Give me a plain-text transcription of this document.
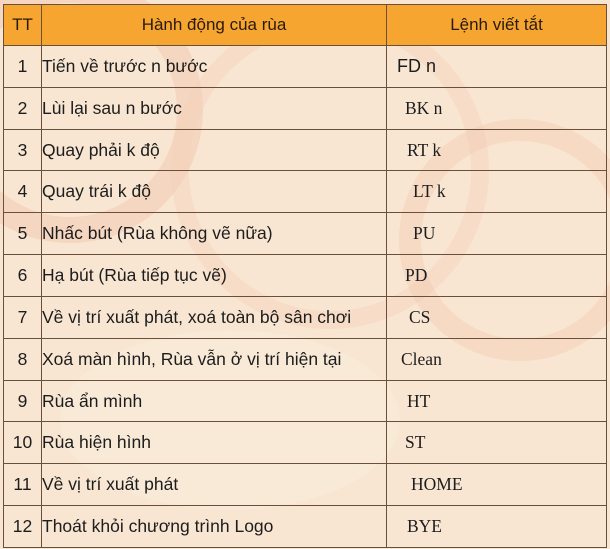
TT	Hành động của rùa	Lệnh viết tắt
1	Tiến về trước n bước	FD n
2	Lùi lại sau n bước	BK n
3	Quay phải k độ	RT k
4	Quay trái k độ	LT k
5	Nhấc bút (Rùa không vẽ nữa)	PU
6	Hạ bút (Rùa tiếp tục vẽ)	PD
7	Về vị trí xuất phát, xoá toàn bộ sân chơi	CS
8	Xoá màn hình, Rùa vẫn ở vị trí hiện tại	Clean
9	Rùa ẩn mình	HT
10	Rùa hiện hình	ST
11	Về vị trí xuất phát	HOME
12	Thoát khỏi chương trình Logo	BYE
